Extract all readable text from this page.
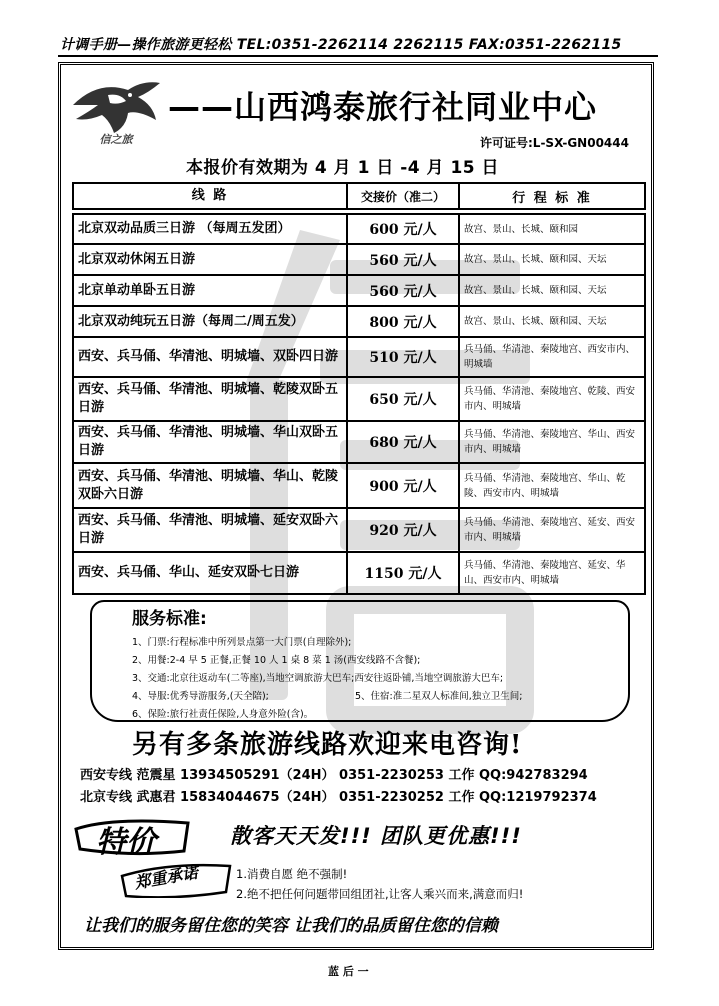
计调手册—操作旅游更轻松 TEL:0351-2262114 2262115 FAX:0351-2262115
信之旅
——山西鸿泰旅行社同业中心
许可证号:L-SX-GN00444
本报价有效期为 4 月 1 日 -4 月 15 日
线 路	交接价（准二）	行 程 标 准

北京双动品质三日游 （每周五发团）	600 元/人	故宫、景山、长城、颐和园
北京双动休闲五日游	560 元/人	故宫、景山、长城、颐和园、天坛
北京单动单卧五日游	560 元/人	故宫、景山、长城、颐和园、天坛
北京双动纯玩五日游（每周二/周五发）	800 元/人	故宫、景山、长城、颐和园、天坛
西安、兵马俑、华清池、明城墙、双卧四日游	510 元/人	兵马俑、华清池、秦陵地宫、西安市内、明城墙
西安、兵马俑、华清池、明城墙、乾陵双卧五日游	650 元/人	兵马俑、华清池、秦陵地宫、乾陵、西安市内、明城墙
西安、兵马俑、华清池、明城墙、华山双卧五日游	680 元/人	兵马俑、华清池、秦陵地宫、华山、西安市内、明城墙
西安、兵马俑、华清池、明城墙、华山、乾陵双卧六日游	900 元/人	兵马俑、华清池、秦陵地宫、华山、乾陵、西安市内、明城墙
西安、兵马俑、华清池、明城墙、延安双卧六日游	920 元/人	兵马俑、华清池、秦陵地宫、延安、西安市内、明城墙
西安、兵马俑、华山、延安双卧七日游	1150 元/人	兵马俑、华清池、秦陵地宫、延安、华山、西安市内、明城墙
服务标准:
1、门票:行程标准中所列景点第一大门票(自理除外);
2、用餐:2-4 早 5 正餐,正餐 10 人 1 桌 8 菜 1 汤(西安线路不含餐);
3、交通:北京往返动车(二等座),当地空调旅游大巴车;西安往返卧铺,当地空调旅游大巴车;
4、导服:优秀导游服务,(天全陪);	5、住宿:准二星双人标准间,独立卫生间;
6、保险:旅行社责任保险,人身意外险(含)。
另有多条旅游线路欢迎来电咨询!
西安专线 范震星 13934505291（24H） 0351-2230253 工作 QQ:942783294
北京专线 武惠君 15834044675（24H） 0351-2230252 工作 QQ:1219792374
特价	散客天天发!!! 团队更优惠!!!
郑重承诺	1.消费自愿 绝不强制!
2.绝不把任何问题带回组团社,让客人乘兴而来,满意而归!
让我们的服务留住您的笑容 让我们的品质留住您的信赖
蓝 后 一
